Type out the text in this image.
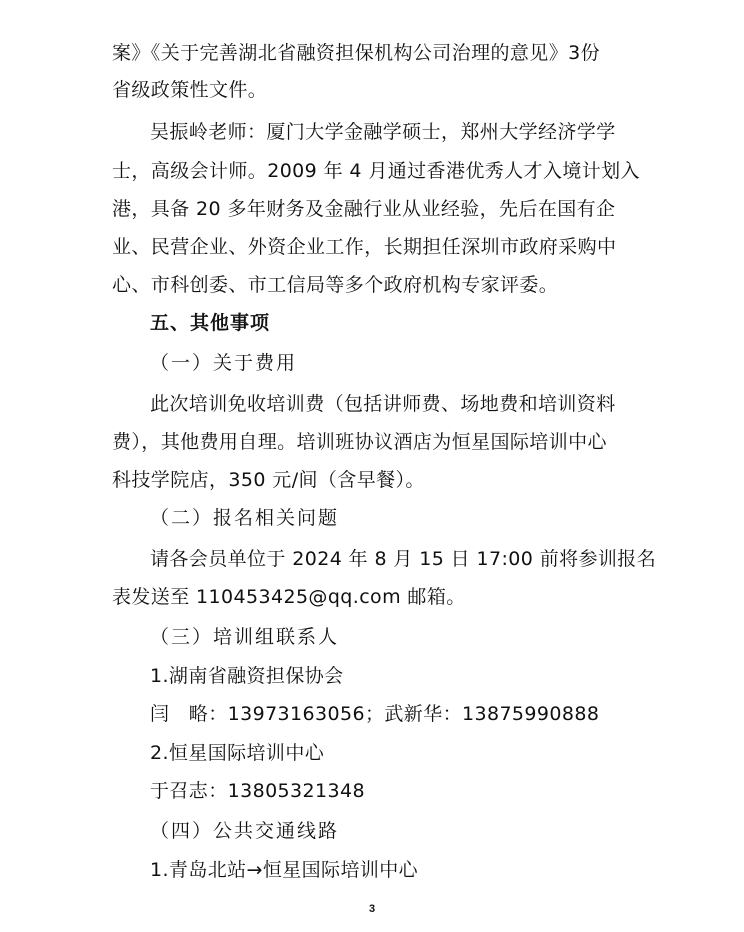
案》《关于完善湖北省融资担保机构公司治理的意见》3份
省级政策性文件。
吴振岭老师：厦门大学金融学硕士，郑州大学经济学学
士，高级会计师。2009 年 4 月通过香港优秀人才入境计划入
港，具备 20 多年财务及金融行业从业经验，先后在国有企
业、民营企业、外资企业工作，长期担任深圳市政府采购中
心、市科创委、市工信局等多个政府机构专家评委。
五、其他事项
（一）关于费用
此次培训免收培训费（包括讲师费、场地费和培训资料
费），其他费用自理。培训班协议酒店为恒星国际培训中心
科技学院店，350 元/间（含早餐）。
（二）报名相关问题
请各会员单位于 2024 年 8 月 15 日 17:00 前将参训报名
表发送至 110453425@qq.com 邮箱。
（三）培训组联系人
1.湖南省融资担保协会
闫　略：13973163056；武新华：13875990888
2.恒星国际培训中心
于召志：13805321348
（四）公共交通线路
1.青岛北站→恒星国际培训中心
3
